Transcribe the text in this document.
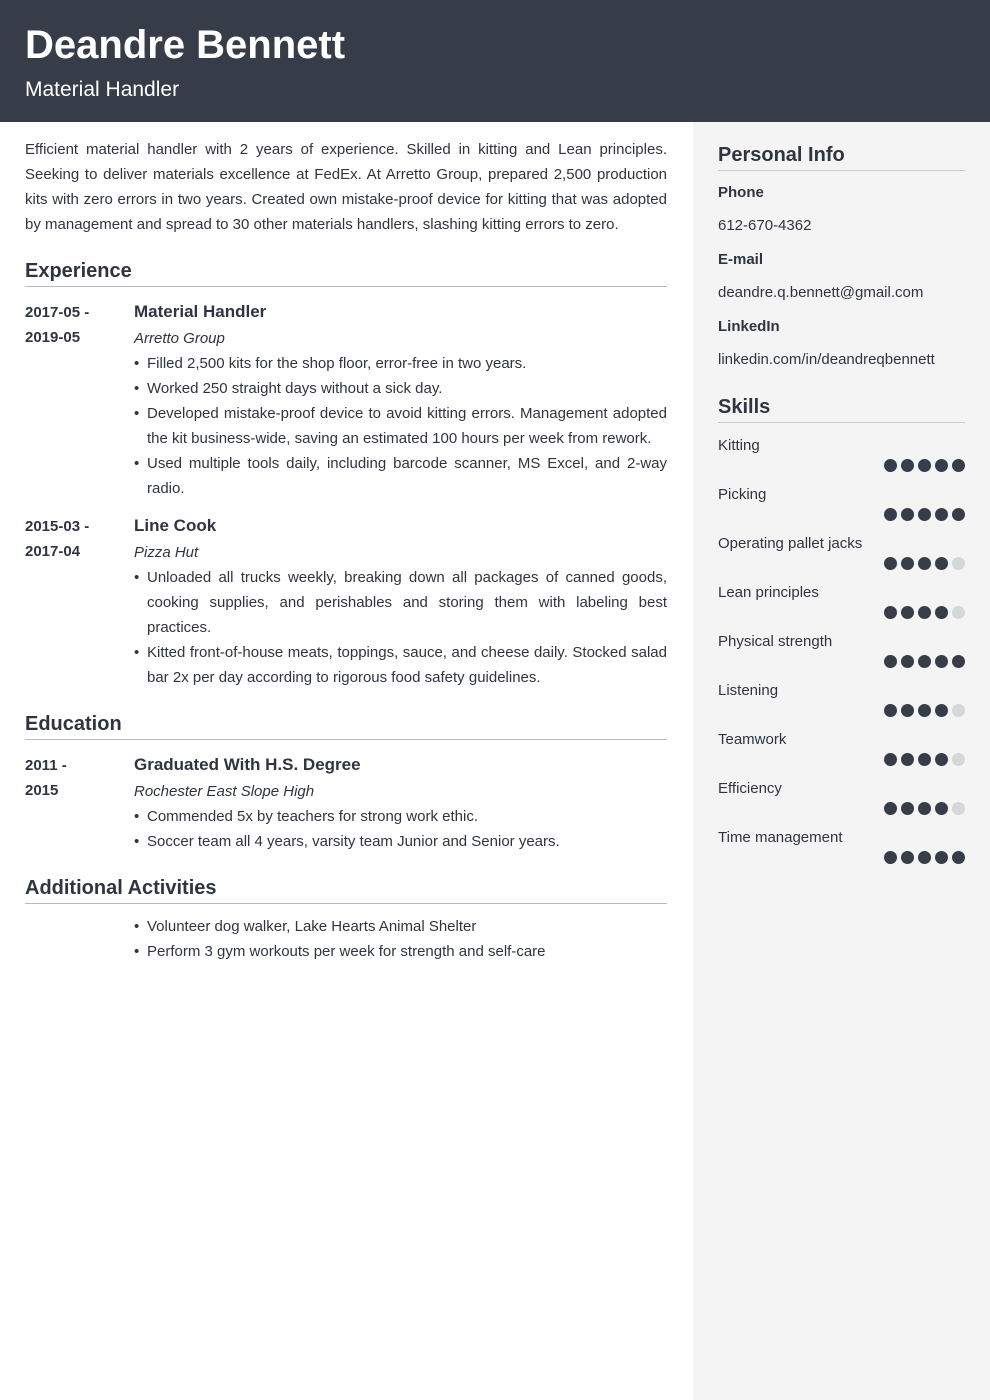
Deandre Bennett
Material Handler

Efficient material handler with 2 years of experience. Skilled in kitting and Lean principles. Seeking to deliver materials excellence at FedEx. At Arretto Group, prepared 2,500 production kits with zero errors in two years. Created own mistake-proof device for kitting that was adopted by management and spread to 30 other materials handlers, slashing kitting errors to zero.

Experience
2017-05 -
2019-05
Material Handler
Arretto Group
• Filled 2,500 kits for the shop floor, error-free in two years.
• Worked 250 straight days without a sick day.
• Developed mistake-proof device to avoid kitting errors. Management adopted the kit business-wide, saving an estimated 100 hours per week from rework.
• Used multiple tools daily, including barcode scanner, MS Excel, and 2-way radio.
2015-03 -
2017-04
Line Cook
Pizza Hut
• Unloaded all trucks weekly, breaking down all packages of canned goods, cooking supplies, and perishables and storing them with labeling best practices.
• Kitted front-of-house meats, toppings, sauce, and cheese daily. Stocked salad bar 2x per day according to rigorous food safety guidelines.
Education
2011 -
2015
Graduated With H.S. Degree
Rochester East Slope High
• Commended 5x by teachers for strong work ethic.
• Soccer team all 4 years, varsity team Junior and Senior years.
Additional Activities
• Volunteer dog walker, Lake Hearts Animal Shelter
• Perform 3 gym workouts per week for strength and self-care
Personal Info
Phone
612-670-4362
E-mail
deandre.q.bennett@gmail.com
LinkedIn
linkedin.com/in/deandreqbennett
Skills
Kitting
Picking
Operating pallet jacks
Lean principles
Physical strength
Listening
Teamwork
Efficiency
Time management
